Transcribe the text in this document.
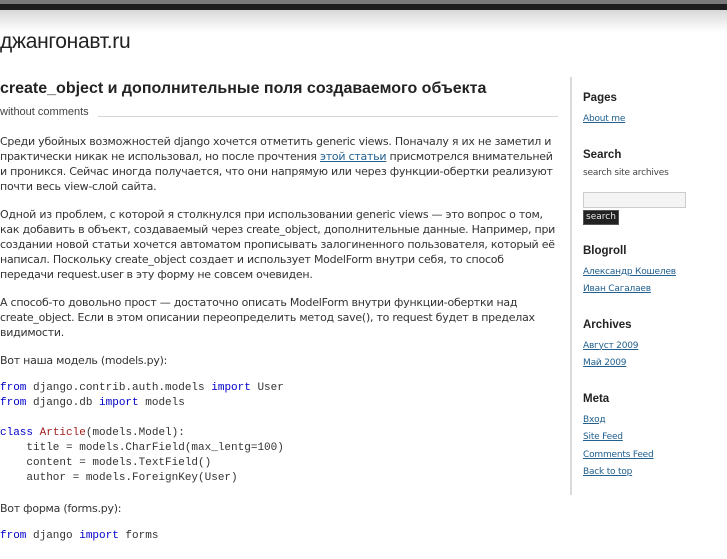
джангонавт.ru
create_object и дополнительные поля создаваемого объекта
without comments

Среди убойных возможностей django хочется отметить generic views. Поначалу я их не заметил и практически никак не использовал, но после прочтения этой статьи присмотрелся внимательней и проникся. Сейчас иногда получается, что они напрямую или через функции-обертки реализуют почти весь view-слой сайта.

Одной из проблем, с которой я столкнулся при использовании generic views — это вопрос о том, как добавить в объект, создаваемый через create_object, дополнительные данные. Например, при создании новой статьи хочется автоматом прописывать залогиненного пользователя, который её написал. Поскольку create_object создает и использует ModelForm внутри себя, то способ передачи request.user в эту форму не совсем очевиден.

А способ-то довольно прост — достаточно описать ModelForm внутри функции-обертки над create_object. Если в этом описании переопределить метод save(), то request будет в пределах видимости.

Вот наша модель (models.py):

from django.contrib.auth.models import User
from django.db import models

class Article(models.Model):
title = models.CharField(max_lentg=100)
content = models.TextField()
author = models.ForeignKey(User)

Вот форма (forms.py):

from django import forms
Pages
About me
Search
search site archives
search
Blogroll
Александр Кошелев
Иван Сагалаев
Archives
Август 2009
Май 2009
Meta
Вход
Site Feed
Comments Feed
Back to top
